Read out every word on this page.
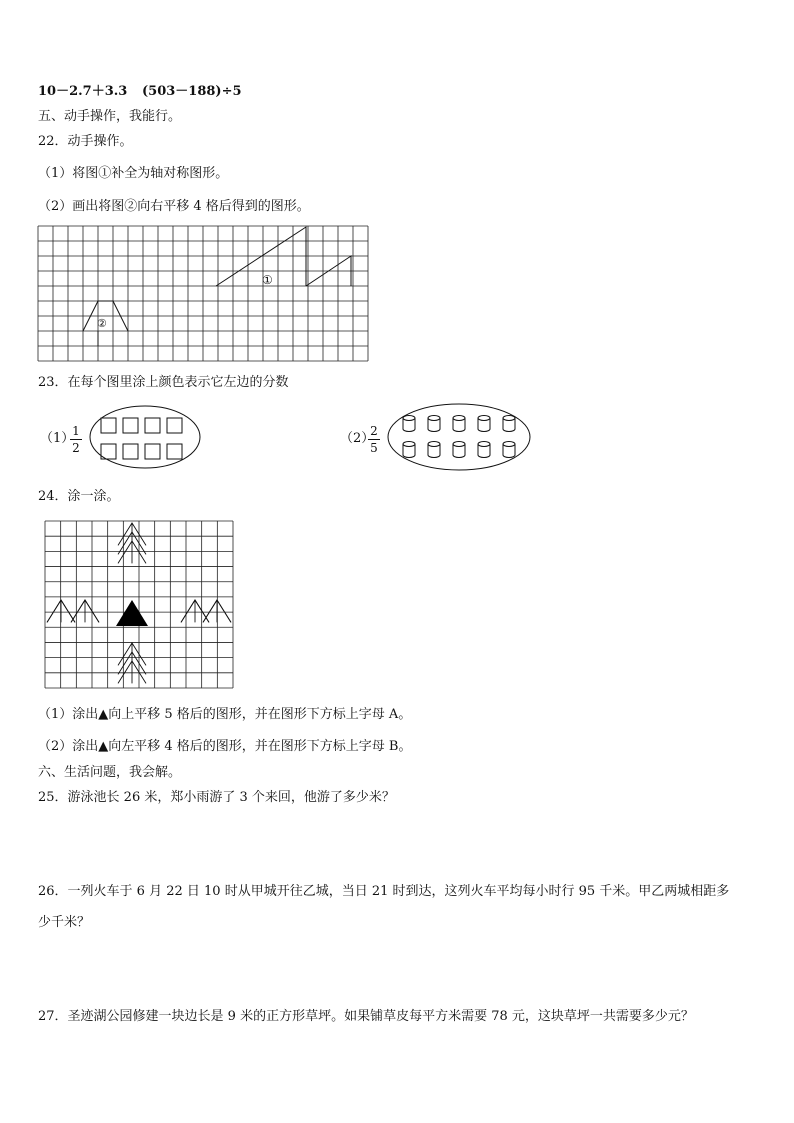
10－2.7＋3.3 (503－188)÷5
五、动手操作，我能行。
22．动手操作。
（1）将图①补全为轴对称图形。
（2）画出将图②向右平移 4 格后得到的图形。
①
②
23．在每个图里涂上颜色表示它左边的分数
（1）
1
2
（2）
2
5
24．涂一涂。
（1）涂出▲向上平移 5 格后的图形，并在图形下方标上字母 A。
（2）涂出▲向左平移 4 格后的图形，并在图形下方标上字母 B。
六、生活问题，我会解。
25．游泳池长 26 米，郑小雨游了 3 个来回，他游了多少米？
26．一列火车于 6 月 22 日 10 时从甲城开往乙城，当日 21 时到达，这列火车平均每小时行 95 千米。甲乙两城相距多
少千米？
27．圣迹湖公园修建一块边长是 9 米的正方形草坪。如果铺草皮每平方米需要 78 元，这块草坪一共需要多少元？
